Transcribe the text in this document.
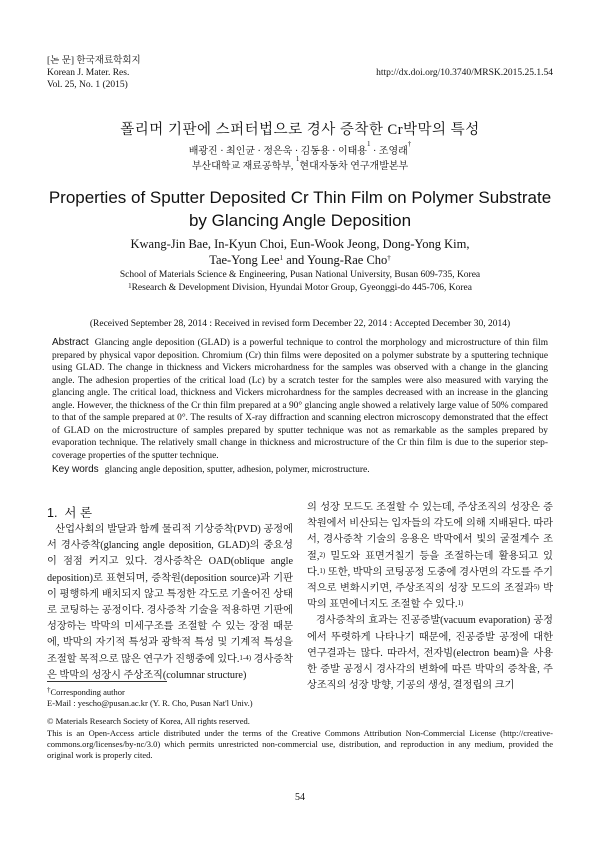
[논 문] 한국재료학회지
Korean J. Mater. Res.
Vol. 25, No. 1 (2015)
http://dx.doi.org/10.3740/MRSK.2015.25.1.54
폴리머 기판에 스퍼터법으로 경사 증착한 Cr박막의 특성
배광진 · 최인균 · 정은욱 · 김동용 · 이태용$^1$ · 조영래†
부산대학교 재료공학부, $^1$현대자동차 연구개발본부
Properties of Sputter Deposited Cr Thin Film on Polymer Substrate by Glancing Angle Deposition
Kwang-Jin Bae, In-Kyun Choi, Eun-Wook Jeong, Dong-Yong Kim,
Tae-Yong Lee$^1$ and Young-Rae Cho†
School of Materials Science & Engineering, Pusan National University, Busan 609-735, Korea
$^1$Research & Development Division, Hyundai Motor Group, Gyeonggi-do 445-706, Korea
(Received September 28, 2014 : Received in revised form December 22, 2014 : Accepted December 30, 2014)
Abstract Glancing angle deposition (GLAD) is a powerful technique to control the morphology and microstructure of thin film prepared by physical vapor deposition. Chromium (Cr) thin films were deposited on a polymer substrate by a sputtering technique using GLAD. The change in thickness and Vickers microhardness for the samples was observed with a change in the glancing angle. The adhesion properties of the critical load (Lc) by a scratch tester for the samples were also measured with varying the glancing angle. The critical load, thickness and Vickers microhardness for the samples decreased with an increase in the glancing angle. However, the thickness of the Cr thin film prepared at a 90° glancing angle showed a relatively large value of 50% compared to that of the sample prepared at 0°. The results of X-ray diffraction and scanning electron microscopy demonstrated that the effect of GLAD on the microstructure of samples prepared by sputter technique was not as remarkable as the samples prepared by evaporation technique. The relatively small change in thickness and microstructure of the Cr thin film is due to the superior step-coverage properties of the sputter technique.
Key words glancing angle deposition, sputter, adhesion, polymer, microstructure.
1. 서 론
산업사회의 발달과 함께 물리적 기상증착(PVD) 공정에서 경사증착(glancing angle deposition, GLAD)의 중요성이 점점 커지고 있다. 경사증착은 OAD(oblique angle deposition)로 표현되며, 증착원(deposition source)과 기판이 평행하게 배치되지 않고 특정한 각도로 기울어진 상태로 코팅하는 공정이다. 경사증착 기술을 적용하면 기판에 성장하는 박막의 미세구조를 조절할 수 있는 장점 때문에, 박막의 자기적 특성과 광학적 특성 및 기계적 특성을 조절할 목적으로 많은 연구가 진행중에 있다.$^{1-4)}$ 경사증착은 박막의 성장시 주상조직(columnar structure)
의 성장 모드도 조절할 수 있는데, 주상조직의 성장은 증착원에서 비산되는 입자들의 각도에 의해 지배된다. 따라서, 경사증착 기술의 응용은 박막에서 빛의 굴절계수 조절,$^{2)}$ 밀도와 표면거칠기 등을 조절하는데 활용되고 있다.$^{1)}$ 또한, 박막의 코팅공정 도중에 경사면의 각도를 주기적으로 변화시키면, 주상조직의 성장 모드의 조절과$^{5)}$ 박막의 표면에너지도 조절할 수 있다.$^{1)}$
경사증착의 효과는 진공증발(vacuum evaporation) 공정에서 뚜렷하게 나타나기 때문에, 진공증발 공정에 대한 연구결과는 많다. 따라서, 전자빔(electron beam)을 사용한 증발 공정시 경사각의 변화에 따른 박막의 증착율, 주상조직의 성장 방향, 기공의 생성, 결정립의 크기
†Corresponding author
E-Mail : yescho@pusan.ac.kr (Y. R. Cho, Pusan Nat'l Univ.)
© Materials Research Society of Korea, All rights reserved.
This is an Open-Access article distributed under the terms of the Creative Commons Attribution Non-Commercial License (http://creative-commons.org/licenses/by-nc/3.0) which permits unrestricted non-commercial use, distribution, and reproduction in any medium, provided the original work is properly cited.
54
